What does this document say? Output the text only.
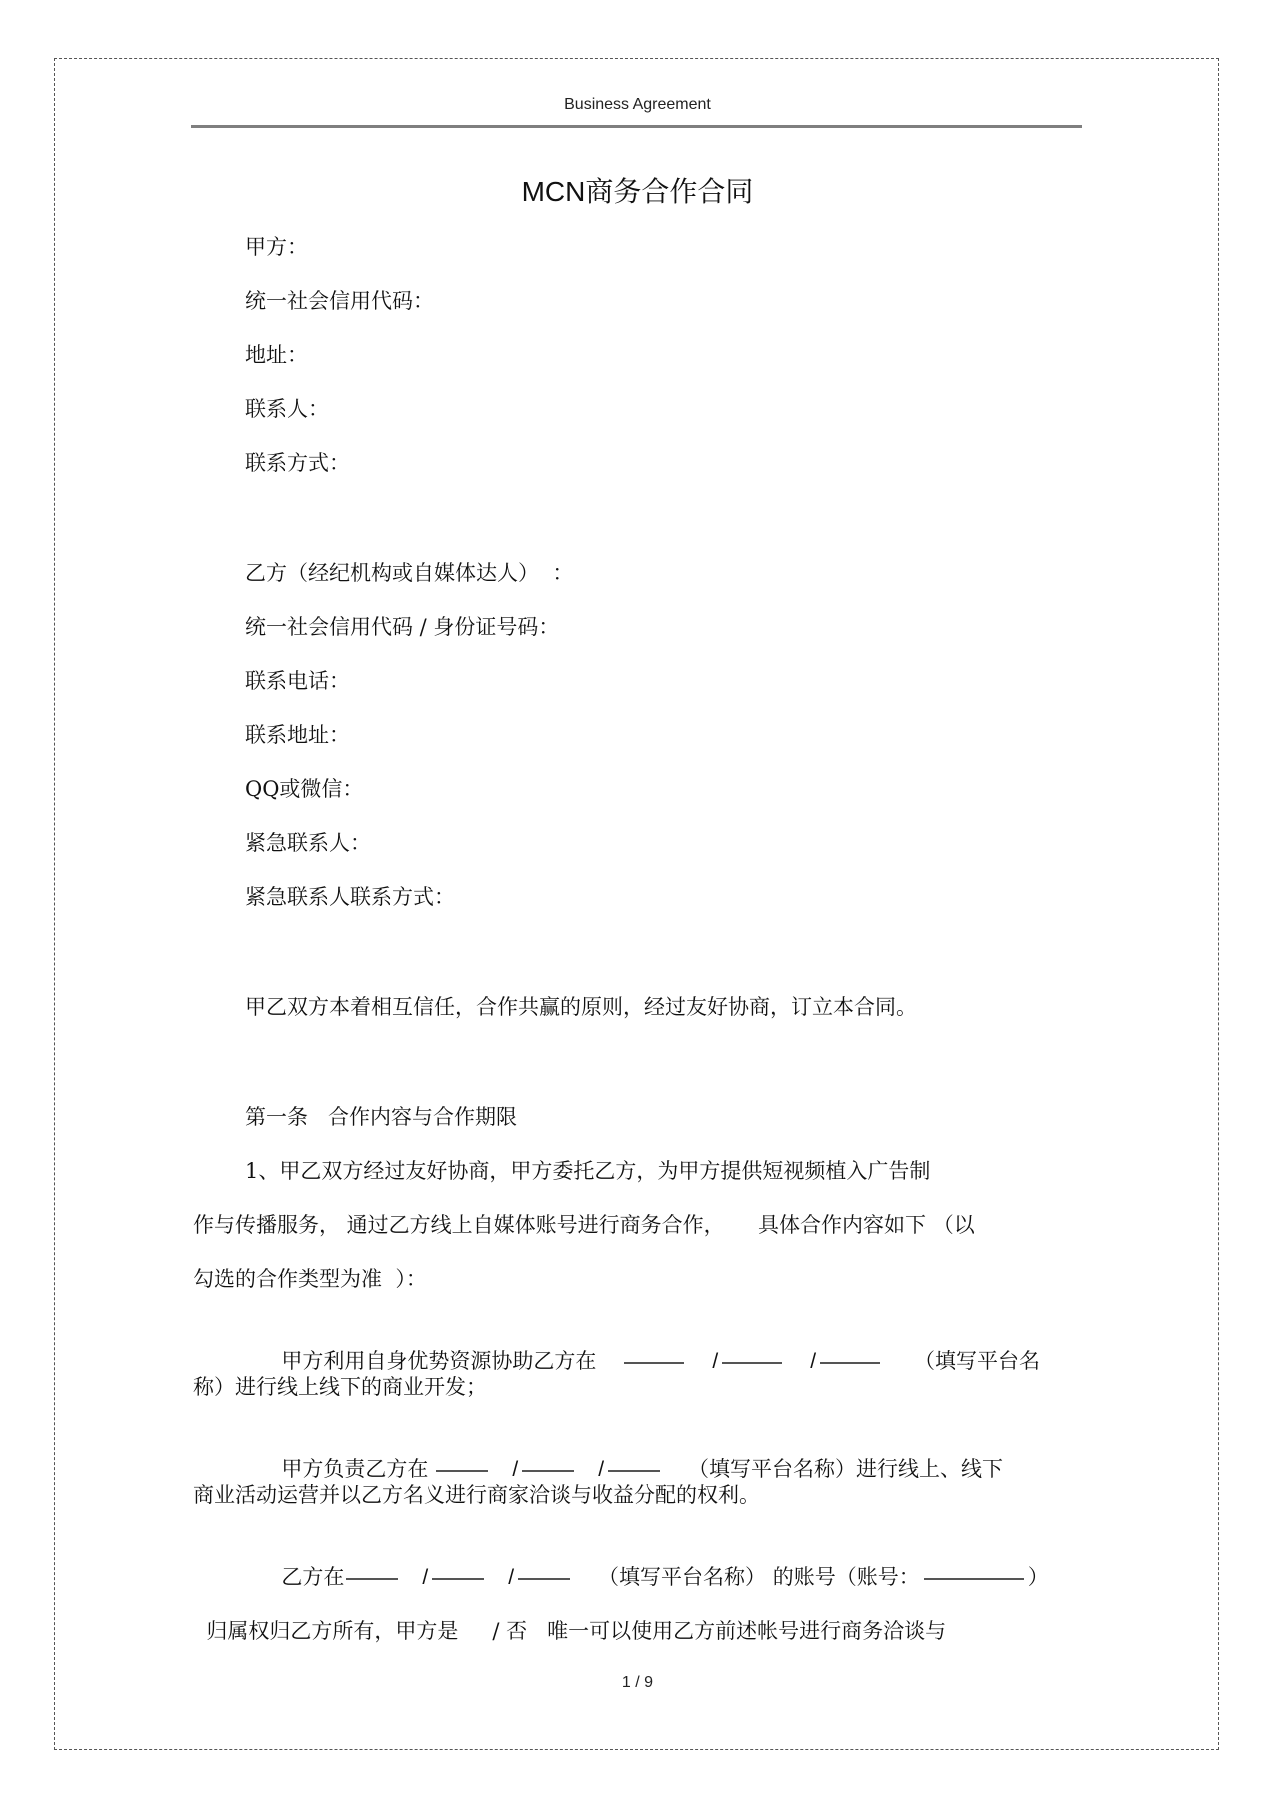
Business Agreement
MCN商务合作合同
甲方：
统一社会信用代码：
地址：
联系人：
联系方式：
乙方（经纪机构或自媒体达人）  ：
统一社会信用代码 / 身份证号码：
联系电话：
联系地址：
QQ或微信：
紧急联系人：
紧急联系人联系方式：
甲乙双方本着相互信任，合作共赢的原则，经过友好协商，订立本合同。
第一条   合作内容与合作期限
1、甲乙双方经过友好协商，甲方委托乙方，为甲方提供短视频植入广告制
作与传播服务， 通过乙方线上自媒体账号进行商务合作，     具体合作内容如下 （以
勾选的合作类型为准  ）：

甲方利用自身优势资源协助乙方在	/	/	（填写平台名

称）进行线上线下的商业开发；

甲方负责乙方在	/	/	（填写平台名称）进行线上、线下

商业活动运营并以乙方名义进行商家洽谈与收益分配的权利。

乙方在	/	/	（填写平台名称） 的账号（账号：	）

归属权归乙方所有，甲方是 / 否 唯一可以使用乙方前述帐号进行商务洽谈与

1 / 9
